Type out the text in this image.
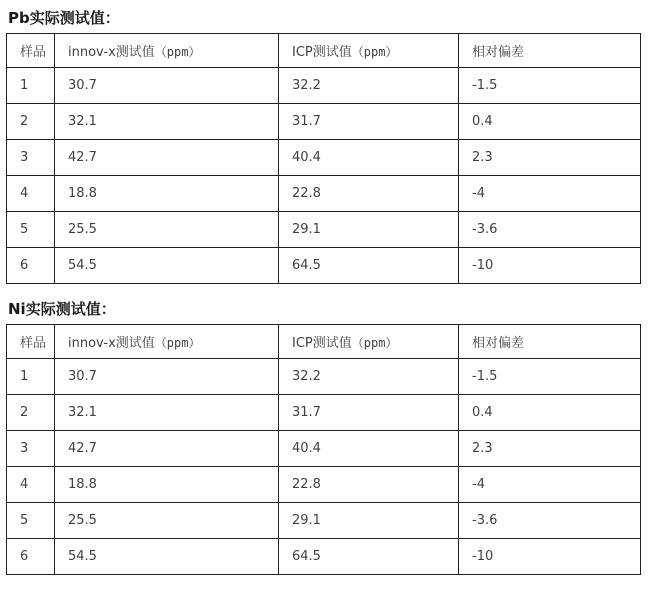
Pb实际测试值：

样品	innov-x测试值（ppm）	ICP测试值（ppm）	相对偏差
1	30.7	32.2	-1.5
2	32.1	31.7	0.4
3	42.7	40.4	2.3
4	18.8	22.8	-4
5	25.5	29.1	-3.6
6	54.5	64.5	-10

Ni实际测试值：

样品	innov-x测试值（ppm）	ICP测试值（ppm）	相对偏差
1	30.7	32.2	-1.5
2	32.1	31.7	0.4
3	42.7	40.4	2.3
4	18.8	22.8	-4
5	25.5	29.1	-3.6
6	54.5	64.5	-10
